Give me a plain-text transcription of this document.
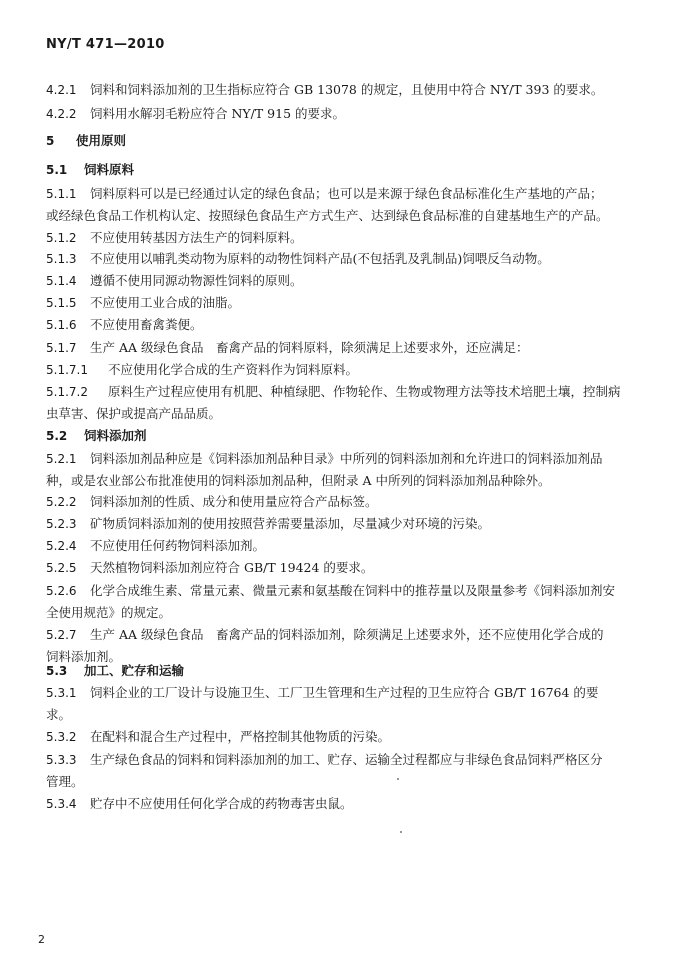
NY/T 471—2010
4.2.1 饲料和饲料添加剂的卫生指标应符合 GB 13078 的规定，且使用中符合 NY/T 393 的要求。
4.2.2 饲料用水解羽毛粉应符合 NY/T 915 的要求。
5 使用原则
5.1 饲料原料
5.1.1 饲料原料可以是已经通过认定的绿色食品；也可以是来源于绿色食品标准化生产基地的产品；
或经绿色食品工作机构认定、按照绿色食品生产方式生产、达到绿色食品标准的自建基地生产的产品。
5.1.2 不应使用转基因方法生产的饲料原料。
5.1.3 不应使用以哺乳类动物为原料的动物性饲料产品(不包括乳及乳制品)饲喂反刍动物。
5.1.4 遵循不使用同源动物源性饲料的原则。
5.1.5 不应使用工业合成的油脂。
5.1.6 不应使用畜禽粪便。
5.1.7 生产 AA 级绿色食品　畜禽产品的饲料原料，除须满足上述要求外，还应满足：
5.1.7.1 不应使用化学合成的生产资料作为饲料原料。
5.1.7.2 原料生产过程应使用有机肥、种植绿肥、作物轮作、生物或物理方法等技术培肥土壤，控制病
虫草害、保护或提高产品品质。
5.2 饲料添加剂
5.2.1 饲料添加剂品种应是《饲料添加剂品种目录》中所列的饲料添加剂和允许进口的饲料添加剂品
种，或是农业部公布批准使用的饲料添加剂品种，但附录 A 中所列的饲料添加剂品种除外。
5.2.2 饲料添加剂的性质、成分和使用量应符合产品标签。
5.2.3 矿物质饲料添加剂的使用按照营养需要量添加，尽量减少对环境的污染。
5.2.4 不应使用任何药物饲料添加剂。
5.2.5 天然植物饲料添加剂应符合 GB/T 19424 的要求。
5.2.6 化学合成维生素、常量元素、微量元素和氨基酸在饲料中的推荐量以及限量参考《饲料添加剂安
全使用规范》的规定。
5.2.7 生产 AA 级绿色食品　畜禽产品的饲料添加剂，除须满足上述要求外，还不应使用化学合成的
饲料添加剂。
5.3 加工、贮存和运输
5.3.1 饲料企业的工厂设计与设施卫生、工厂卫生管理和生产过程的卫生应符合 GB/T 16764 的要
求。
5.3.2 在配料和混合生产过程中，严格控制其他物质的污染。
5.3.3 生产绿色食品的饲料和饲料添加剂的加工、贮存、运输全过程都应与非绿色食品饲料严格区分
管理。
5.3.4 贮存中不应使用任何化学合成的药物毒害虫鼠。
2
